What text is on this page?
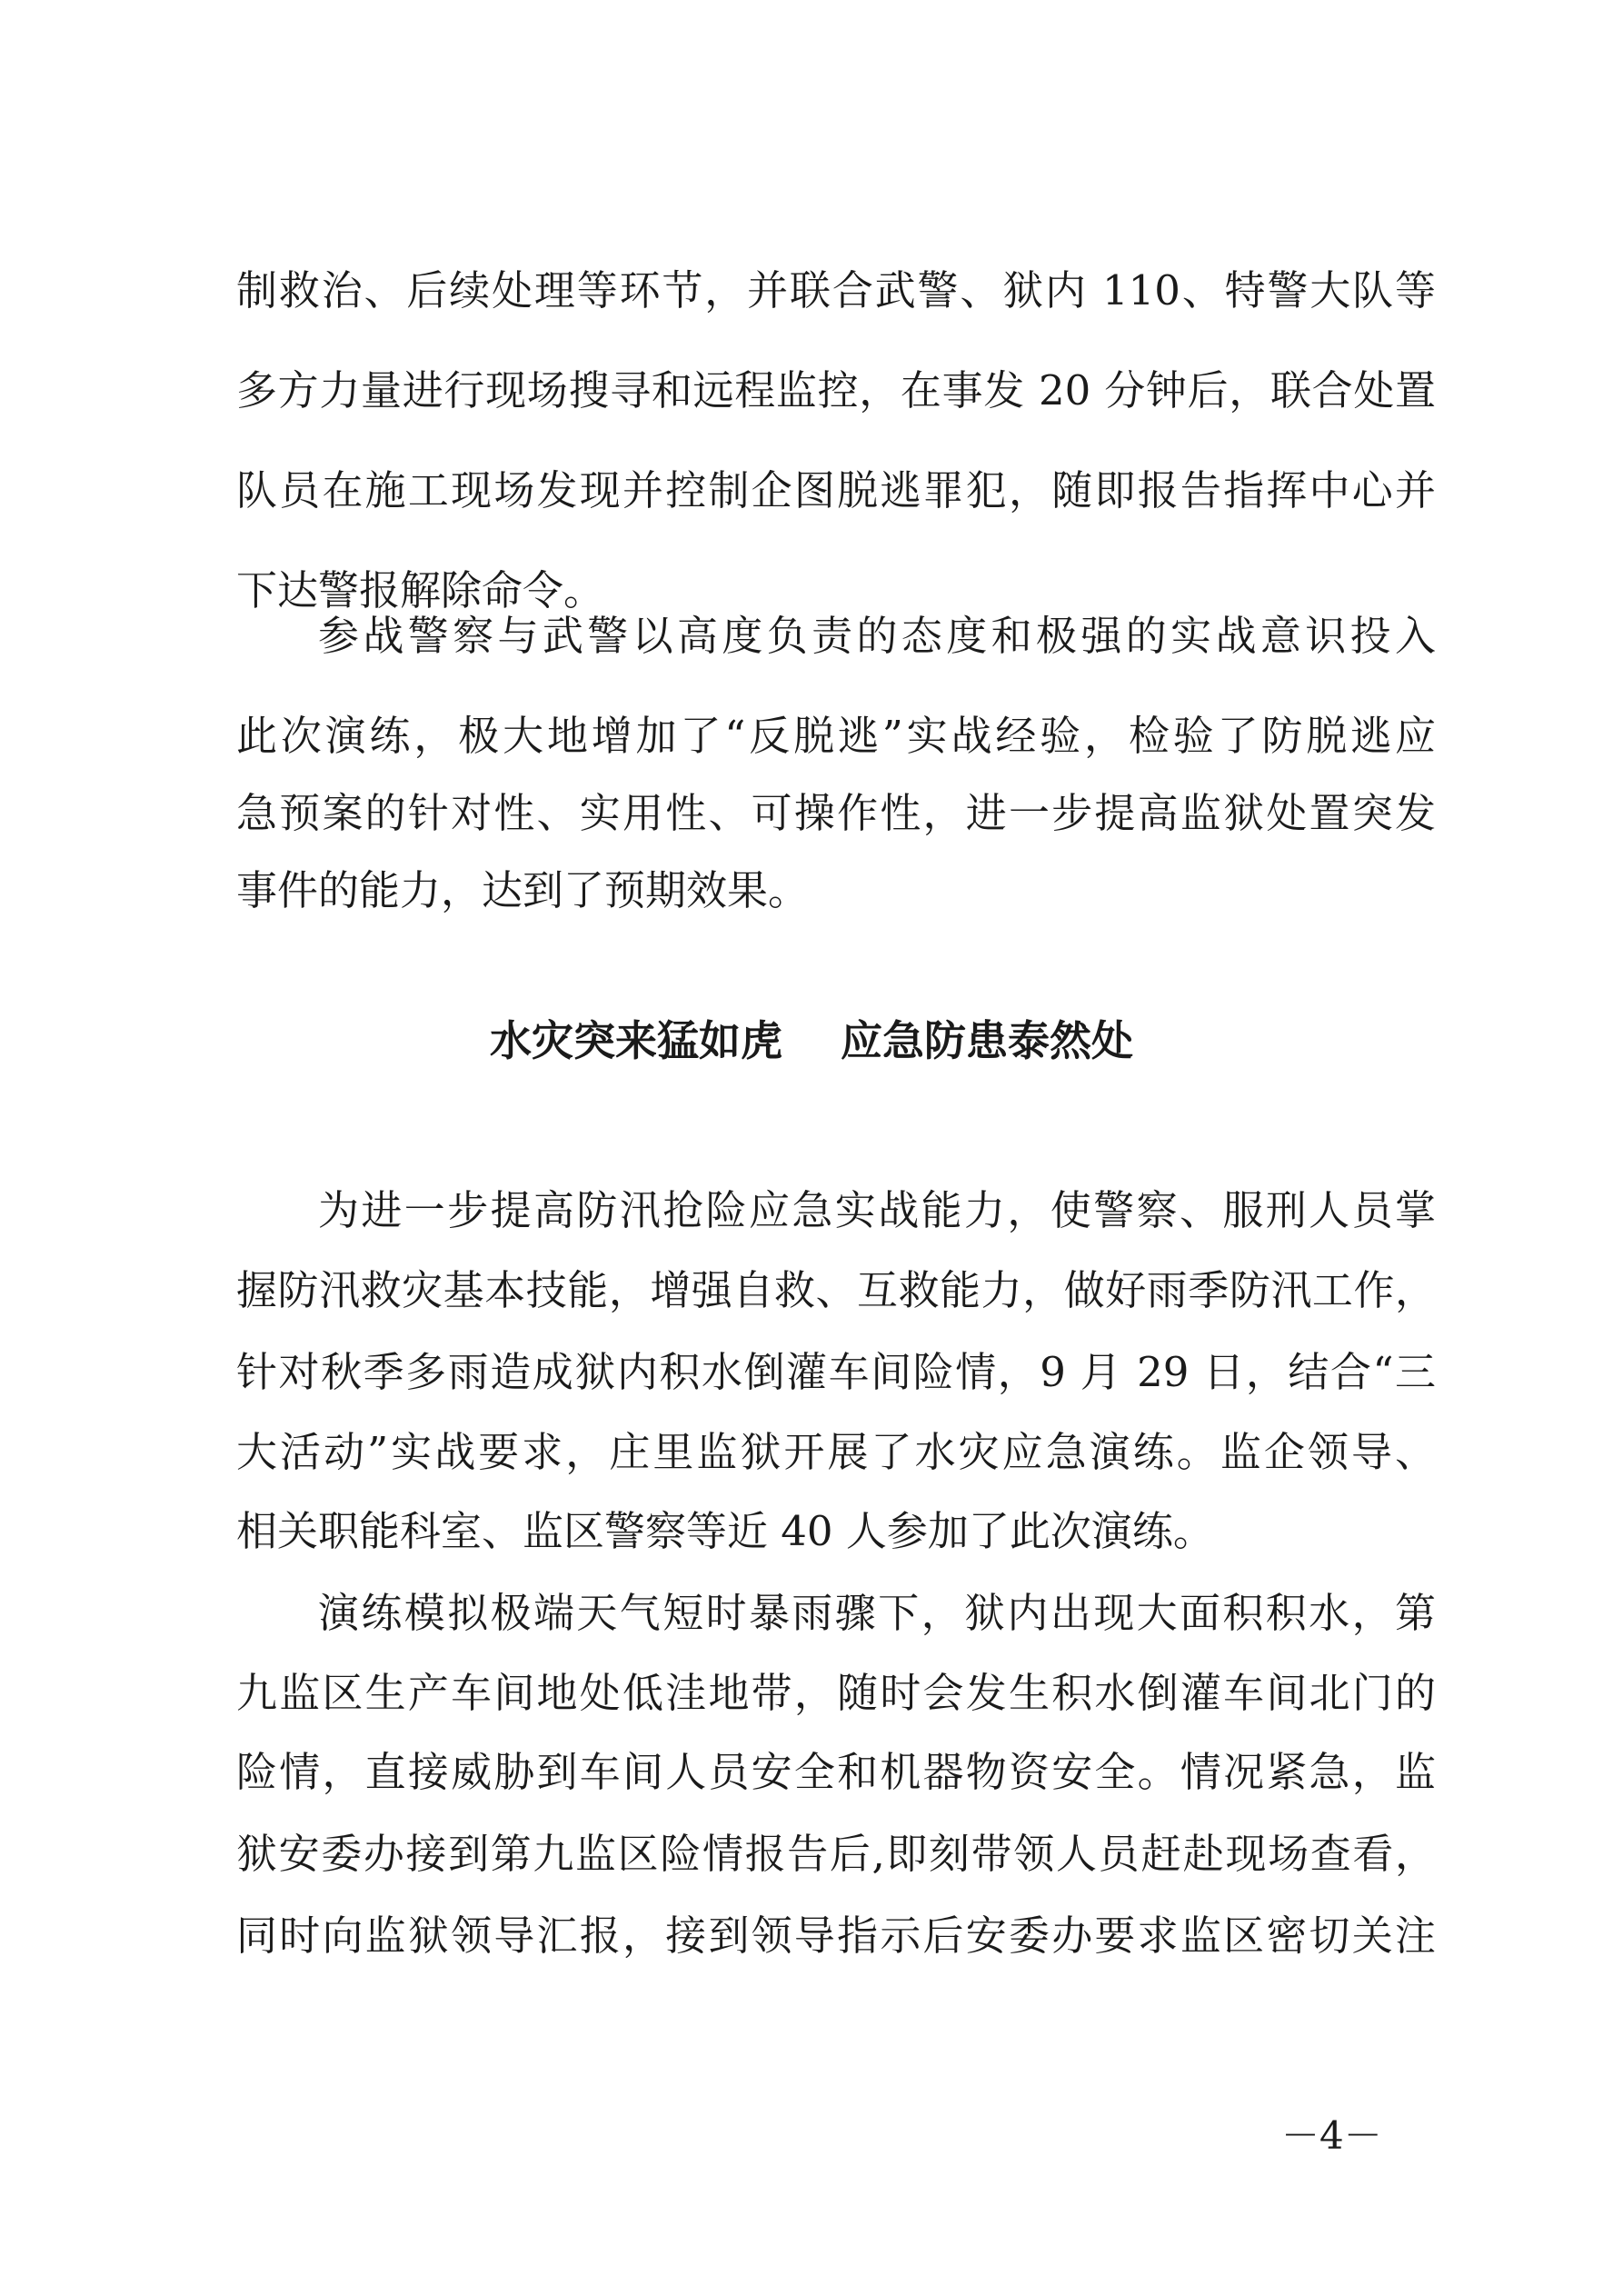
制救治、后续处理等环节，并联合武警、狱内 110、特警大队等
多方力量进行现场搜寻和远程监控，在事发 20 分钟后，联合处置
队员在施工现场发现并控制企图脱逃罪犯，随即报告指挥中心并
下达警报解除命令。
参战警察与武警以高度负责的态度和极强的实战意识投入
此次演练，极大地增加了“反脱逃”实战经验，检验了防脱逃应
急预案的针对性、实用性、可操作性，进一步提高监狱处置突发
事件的能力，达到了预期效果。
水灾突来猛如虎    应急防患泰然处
为进一步提高防汛抢险应急实战能力，使警察、服刑人员掌
握防汛救灾基本技能，增强自救、互救能力，做好雨季防汛工作，
针对秋季多雨造成狱内积水倒灌车间险情，9 月 29 日，结合“三
大活动”实战要求，庄里监狱开展了水灾应急演练。监企领导、
相关职能科室、监区警察等近 40 人参加了此次演练。
演练模拟极端天气短时暴雨骤下，狱内出现大面积积水，第
九监区生产车间地处低洼地带，随时会发生积水倒灌车间北门的
险情，直接威胁到车间人员安全和机器物资安全。情况紧急，监
狱安委办接到第九监区险情报告后,即刻带领人员赶赴现场查看，
同时向监狱领导汇报，接到领导指示后安委办要求监区密切关注
－4－
